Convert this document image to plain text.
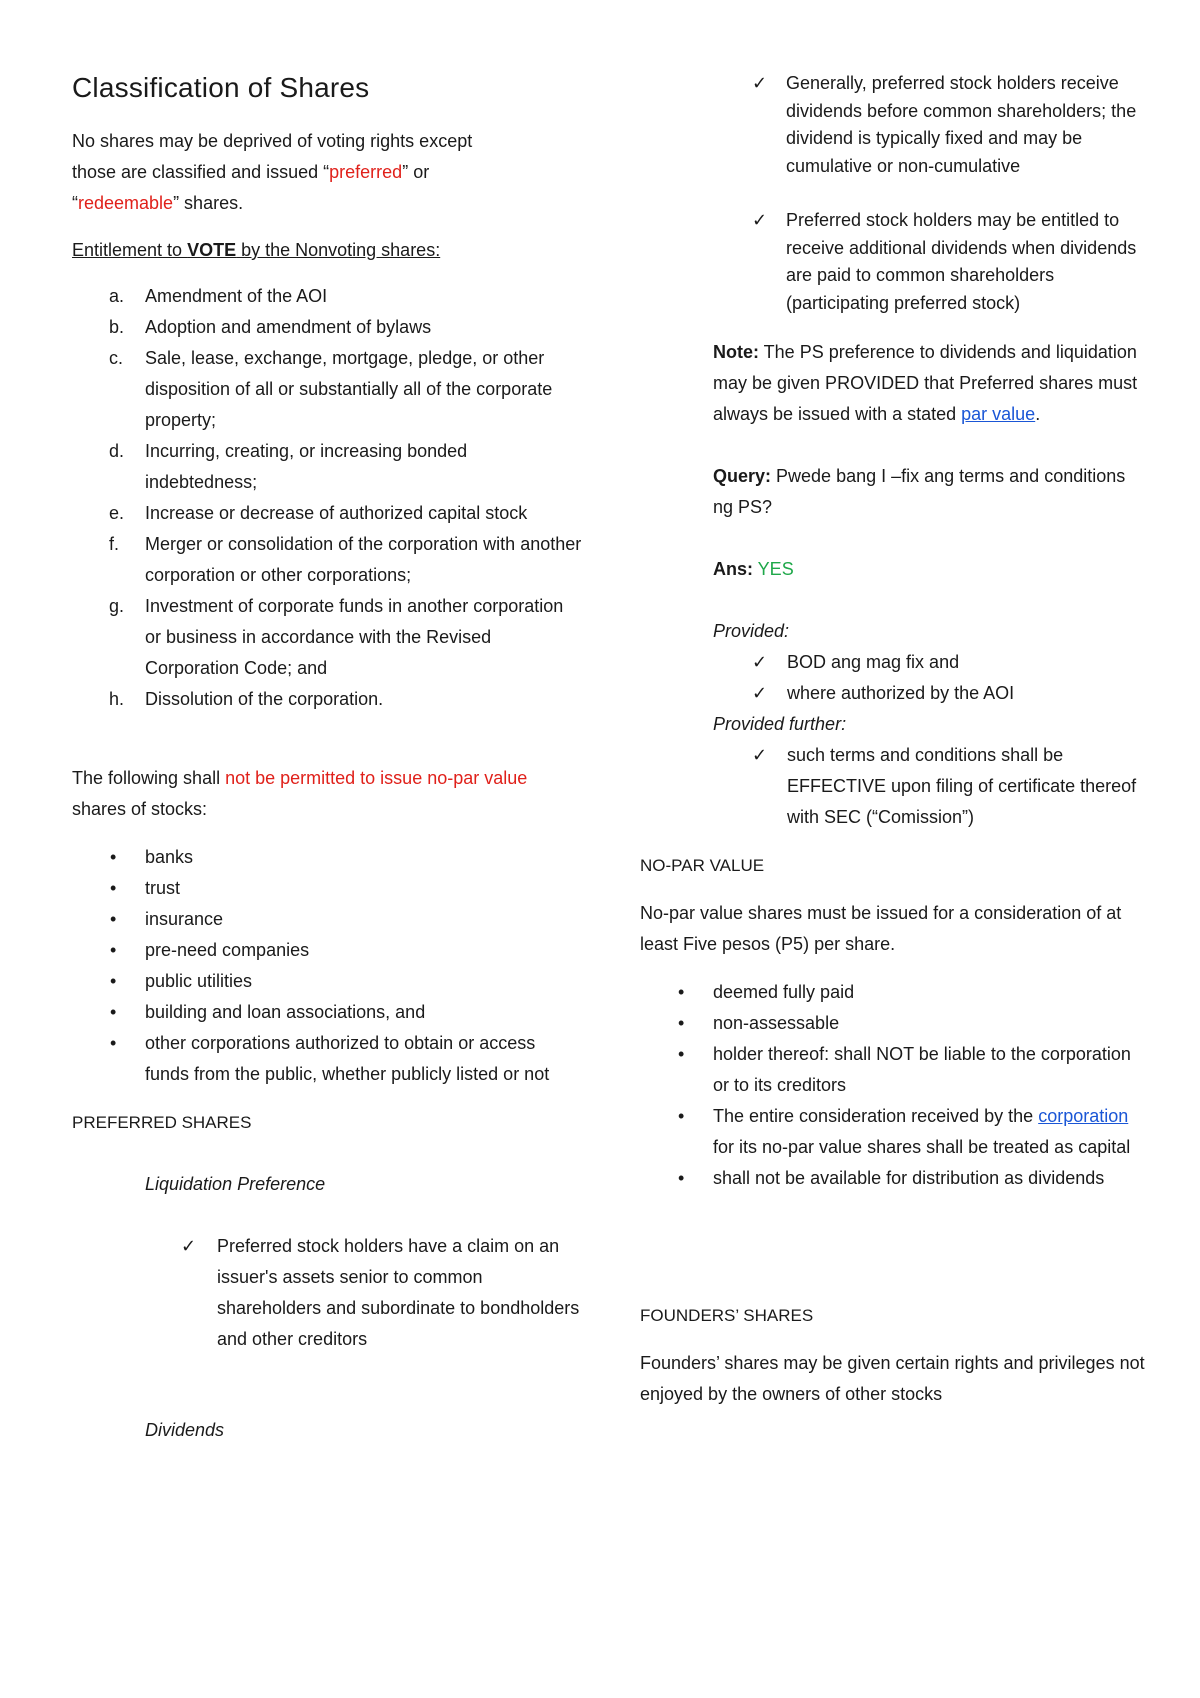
Classification of Shares

No shares may be deprived of voting rights except
those are classified and issued “preferred” or
“redeemable” shares.

Entitlement to VOTE by the Nonvoting shares:

a. Amendment of the AOI
b. Adoption and amendment of bylaws
c. Sale, lease, exchange, mortgage, pledge, or other disposition of all or substantially all of the corporate property;
d. Incurring, creating, or increasing bonded indebtedness;
e. Increase or decrease of authorized capital stock
f. Merger or consolidation of the corporation with another corporation or other corporations;
g. Investment of corporate funds in another corporation or business in accordance with the Revised Corporation Code; and
h. Dissolution of the corporation.

The following shall not be permitted to issue no-par value shares of stocks:

• banks
• trust
• insurance
• pre-need companies
• public utilities
• building and loan associations, and
• other corporations authorized to obtain or access funds from the public, whether publicly listed or not

PREFERRED SHARES

Liquidation Preference

✓ Preferred stock holders have a claim on an issuer's assets senior to common shareholders and subordinate to bondholders and other creditors

Dividends

✓ Generally, preferred stock holders receive dividends before common shareholders; the dividend is typically fixed and may be cumulative or non-cumulative
✓ Preferred stock holders may be entitled to receive additional dividends when dividends are paid to common shareholders (participating preferred stock)

Note: The PS preference to dividends and liquidation may be given PROVIDED that Preferred shares must always be issued with a stated par value.

Query: Pwede bang I –fix ang terms and conditions ng PS?

Ans: YES

Provided:

✓ BOD ang mag fix and
✓ where authorized by the AOI

Provided further:

✓ such terms and conditions shall be EFFECTIVE upon filing of certificate thereof with SEC (“Comission”)

NO-PAR VALUE

No-par value shares must be issued for a consideration of at least Five pesos (P5) per share.

• deemed fully paid
• non-assessable
• holder thereof: shall NOT be liable to the corporation or to its creditors
• The entire consideration received by the corporation for its no-par value shares shall be treated as capital
• shall not be available for distribution as dividends

FOUNDERS’ SHARES

Founders’ shares may be given certain rights and privileges not enjoyed by the owners of other stocks
